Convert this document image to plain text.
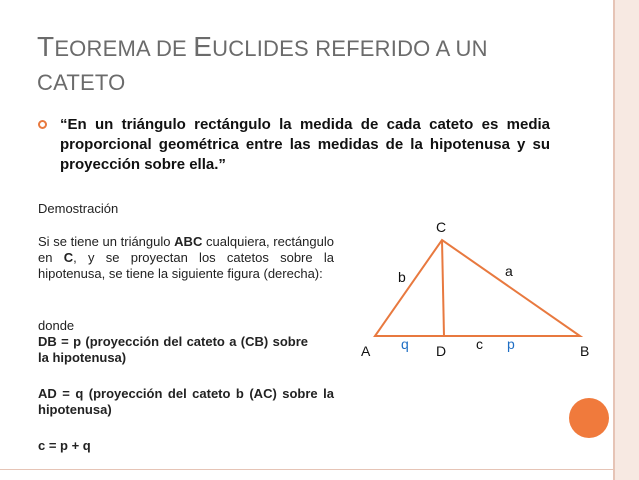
TEOREMA DE EUCLIDES REFERIDO A UN
CATETO
“En un triángulo rectángulo la medida de cada cateto es media proporcional geométrica entre las medidas de la hipotenusa y su proyección sobre ella.”
Demostración
Si se tiene un triángulo ABC cualquiera, rectángulo en C, y se proyectan los catetos sobre la hipotenusa, se tiene la siguiente figura (derecha):
donde
DB = p (proyección del cateto a (CB) sobre la hipotenusa)
AD = q (proyección del cateto b (AC) sobre la hipotenusa)
c = p + q
C
A	B
D
a
b
c p
q
